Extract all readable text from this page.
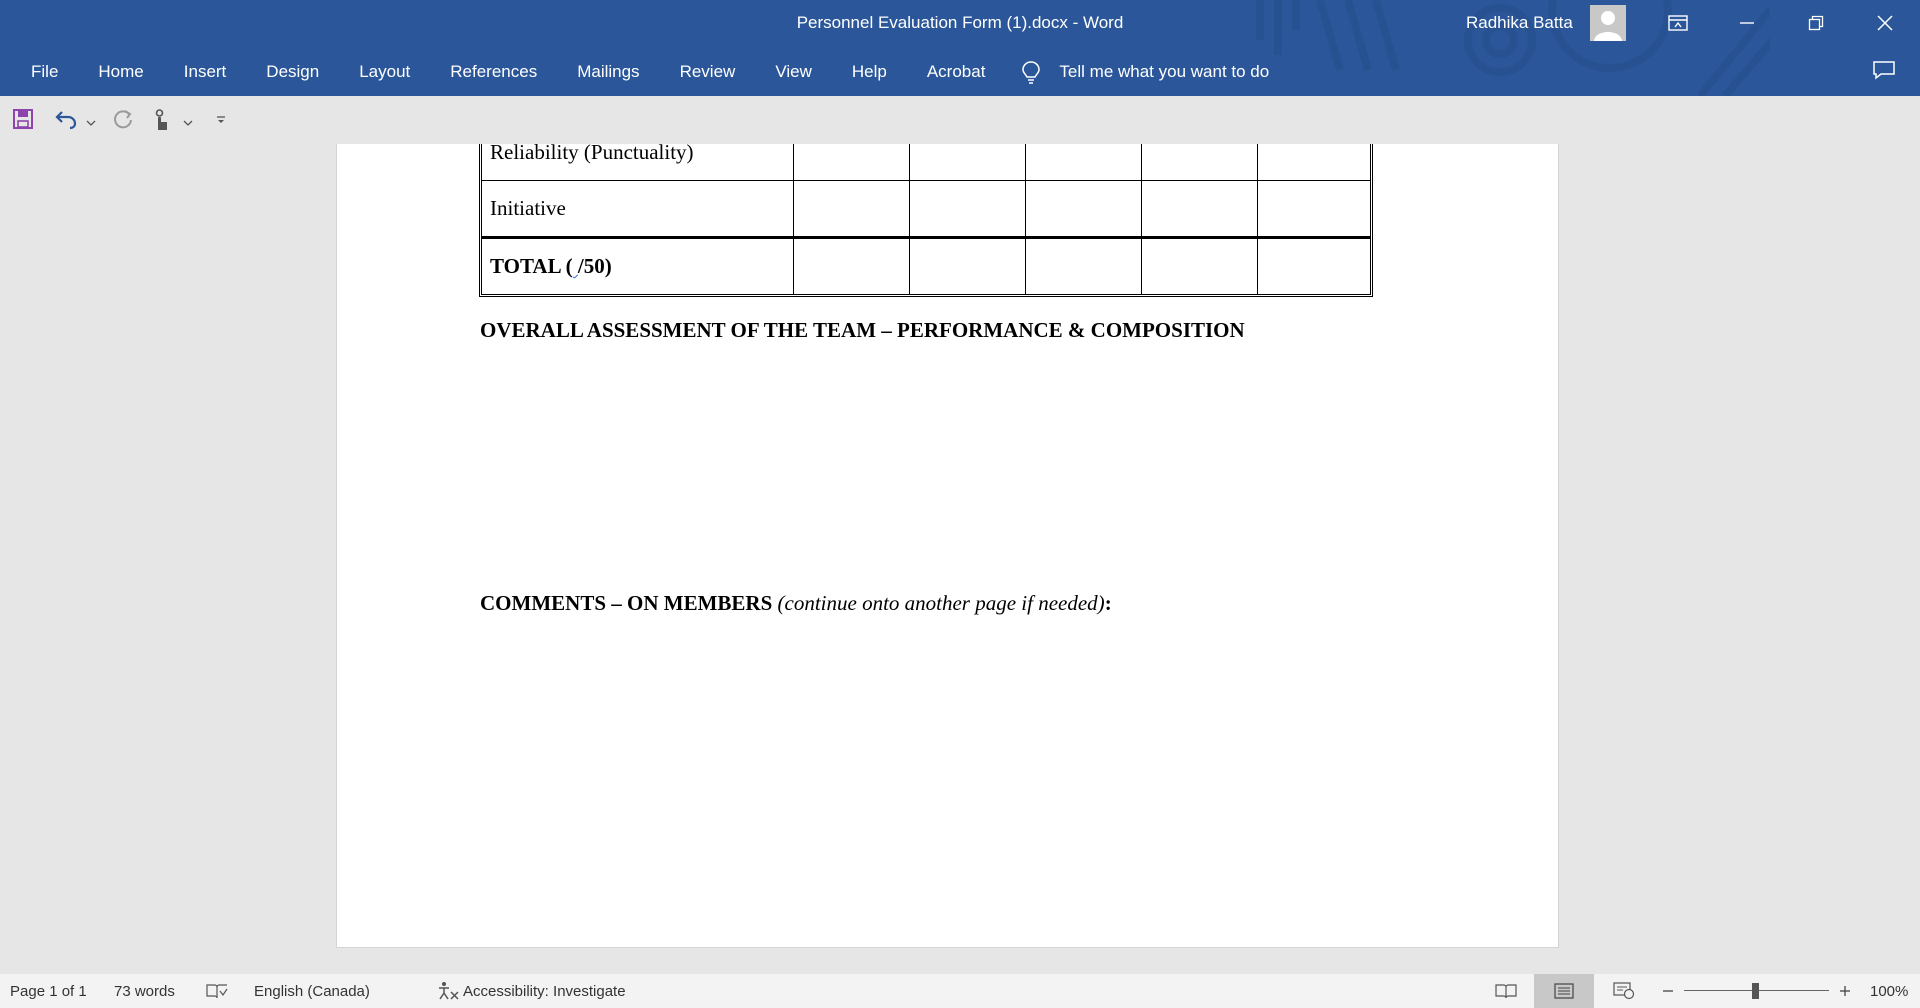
Personnel Evaluation Form (1).docx - Word	Radhika Batta
File Home Insert Design Layout References Mailings Review View Help Acrobat	Tell me what you want to do
Reliability (Punctuality)					
Initiative					
TOTAL ( /50)					
OVERALL ASSESSMENT OF THE TEAM – PERFORMANCE & COMPOSITION
COMMENTS – ON MEMBERS (continue onto another page if needed):
Page 1 of 1 73 words	English (Canada)	Accessibility: Investigate	100%
